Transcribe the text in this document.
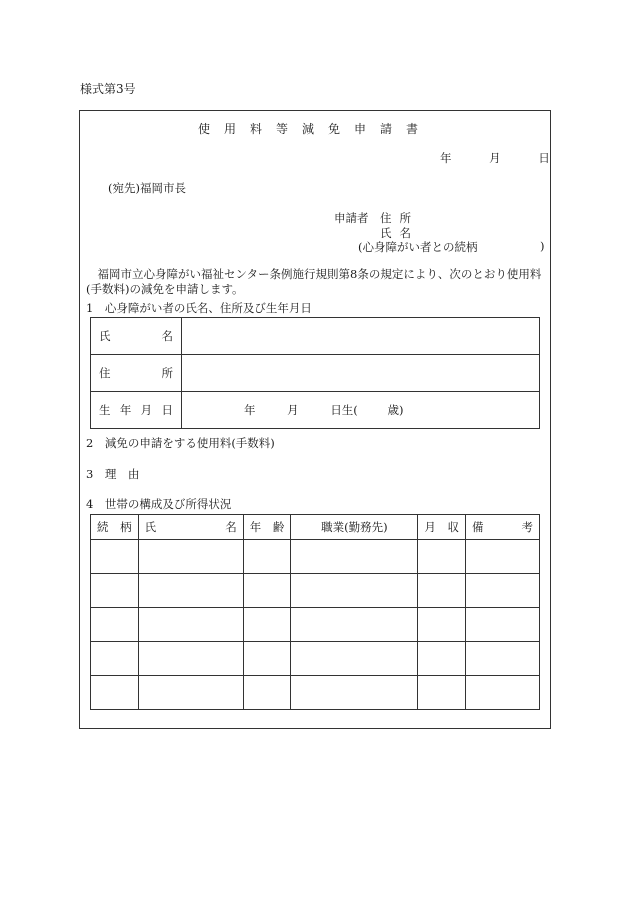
様式第3号
使用料等減免申請書
年	月	日
(宛先)福岡市長
申請者 住所
氏名
(心身障がい者との続柄	)
福岡市立心身障がい福祉センター条例施行規則第8条の規定により、次のとおり使用料(手数料)の減免を申請します。
1　心身障がい者の氏名、住所及び生年月日
氏 名	

住 所	

生 年 月 日	年 月 日生( 歳)
2　減免の申請をする使用料(手数料)
3　理　由
4　世帯の構成及び所得状況
続 柄	氏 名	年 齢	職業(勤務先)	月 収	備 考
